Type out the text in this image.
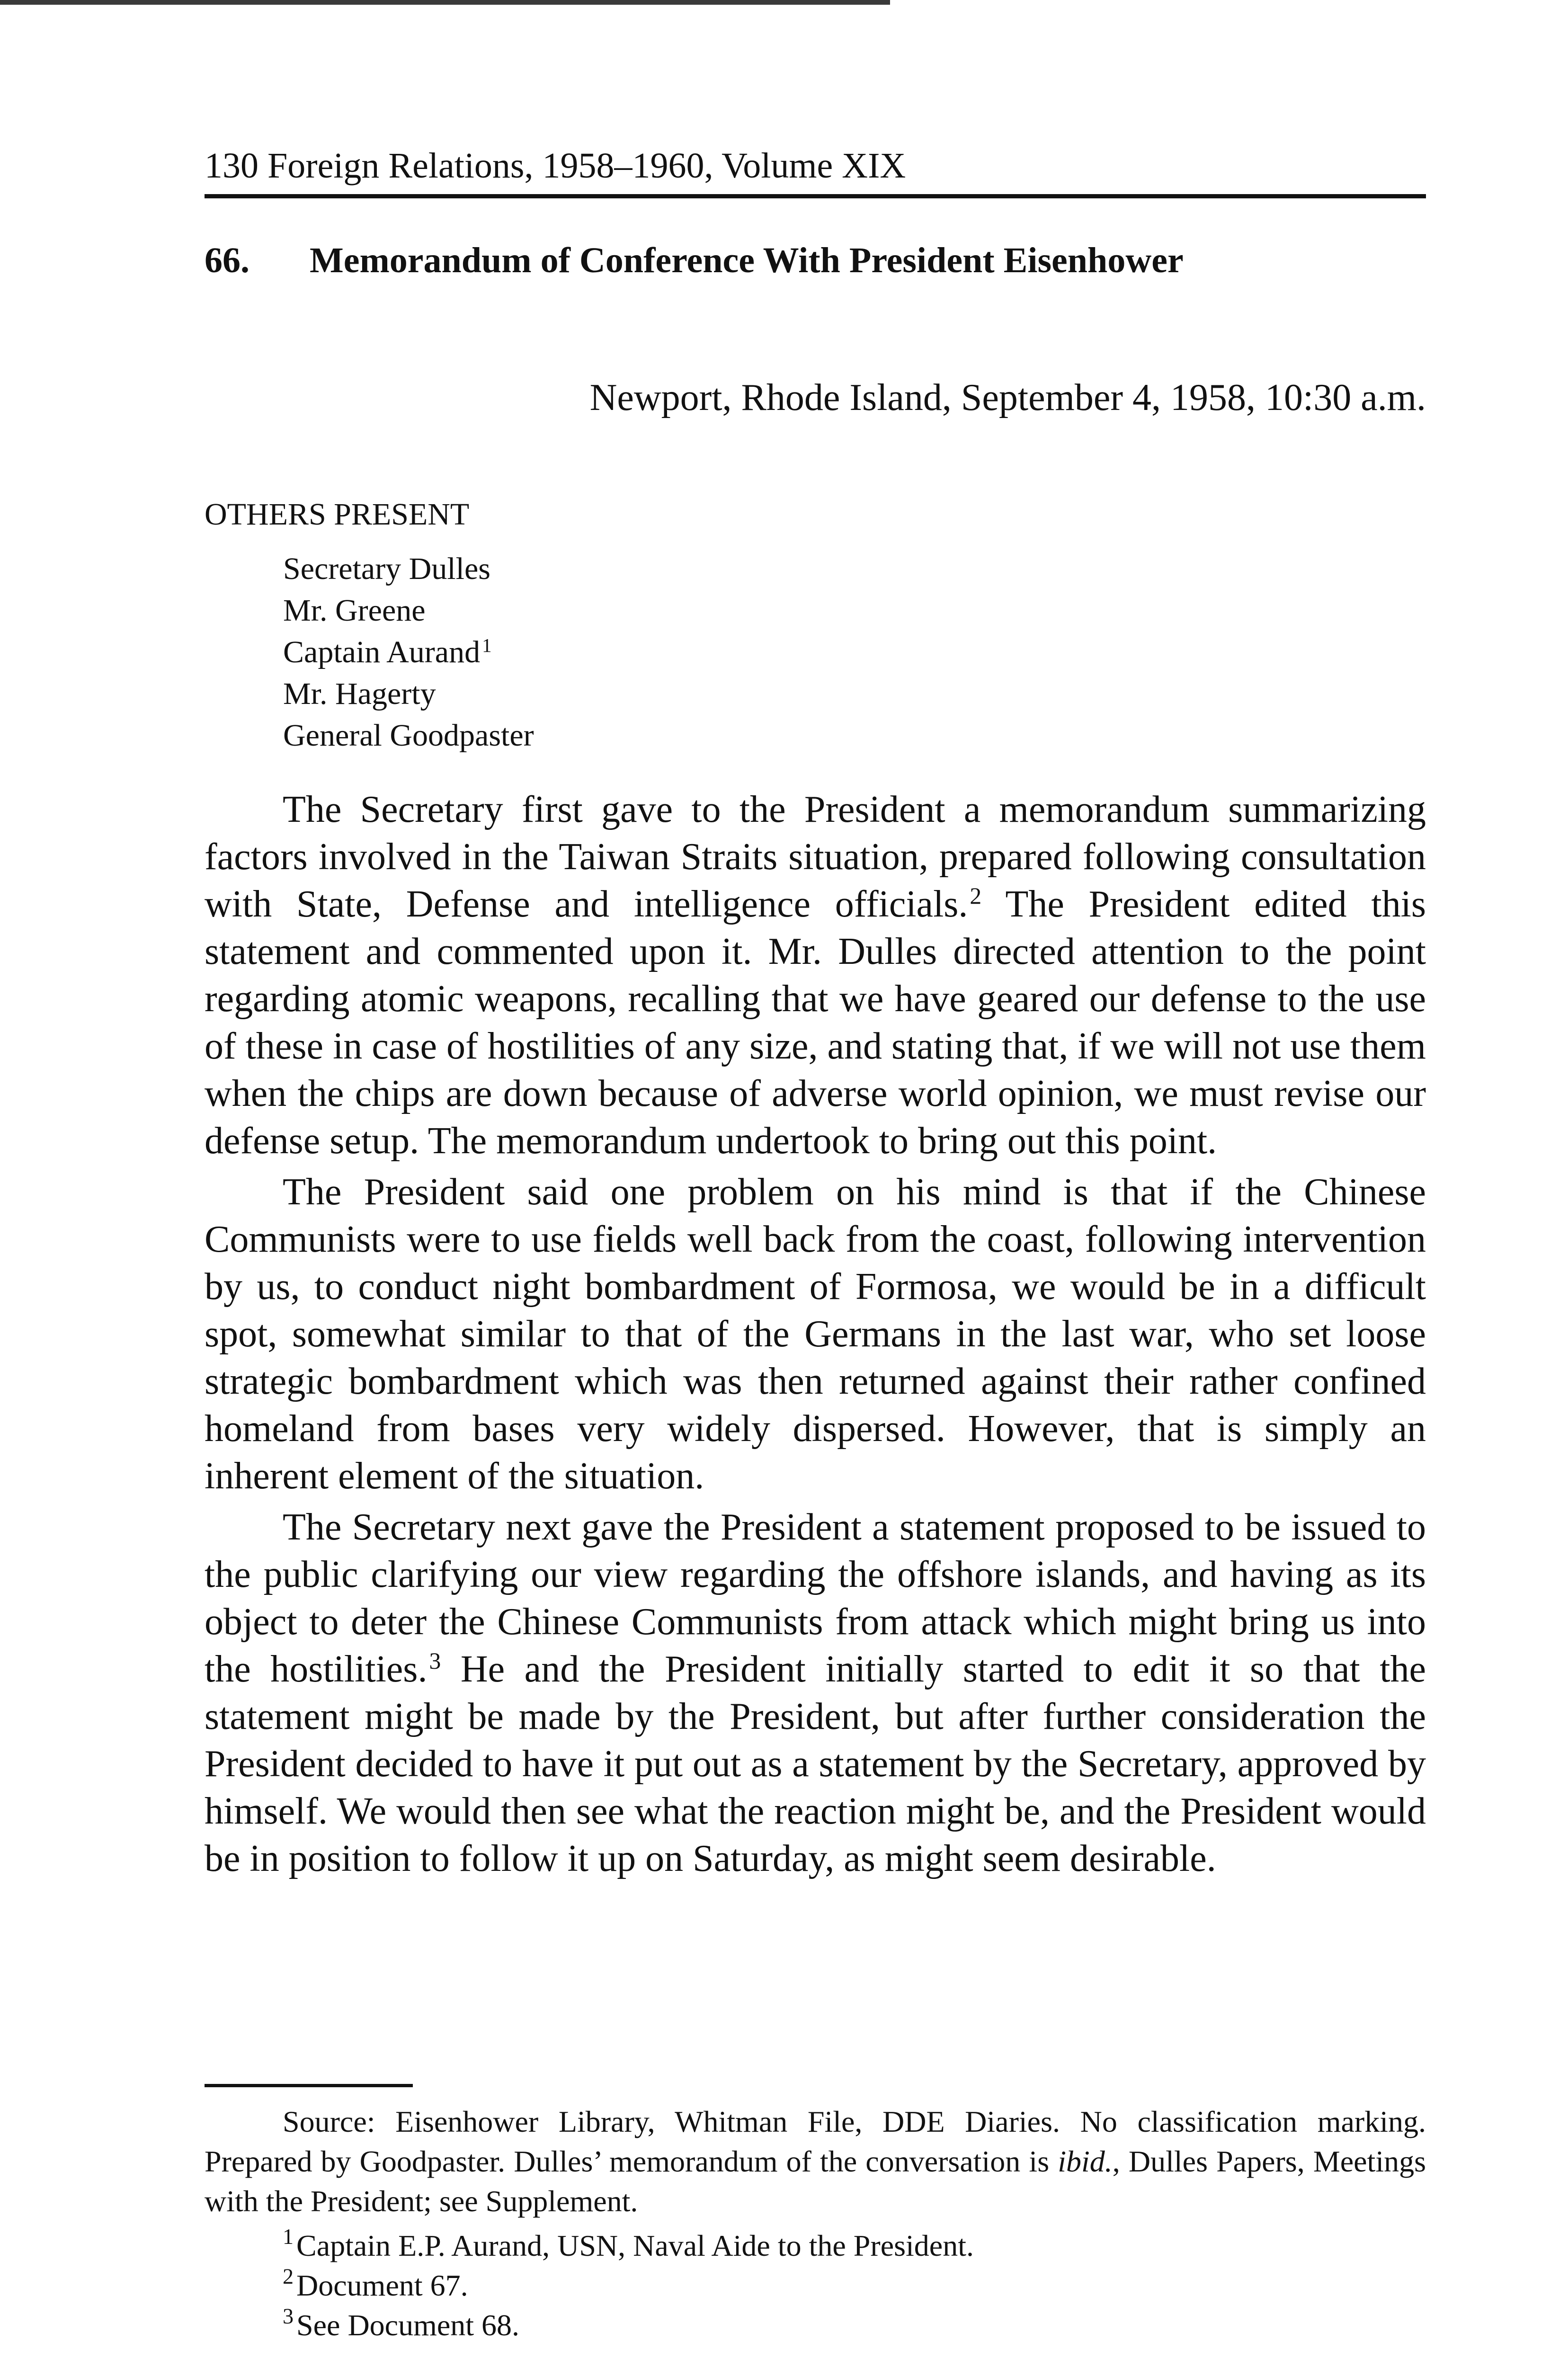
130 Foreign Relations, 1958–1960, Volume XIX
66. Memorandum of Conference With President Eisenhower
Newport, Rhode Island, September 4, 1958, 10:30 a.m.
OTHERS PRESENT
Secretary Dulles
Mr. Greene
Captain Aurand$^1$
Mr. Hagerty
General Goodpaster

The Secretary first gave to the President a memorandum summarizing factors involved in the Taiwan Straits situation, prepared following consultation with State, Defense and intelligence officials.$^2$ The President edited this statement and commented upon it. Mr. Dulles directed attention to the point regarding atomic weapons, recalling that we have geared our defense to the use of these in case of hostilities of any size, and stating that, if we will not use them when the chips are down because of adverse world opinion, we must revise our defense setup. The memorandum undertook to bring out this point.

The President said one problem on his mind is that if the Chinese Communists were to use fields well back from the coast, following intervention by us, to conduct night bombardment of Formosa, we would be in a difficult spot, somewhat similar to that of the Germans in the last war, who set loose strategic bombardment which was then returned against their rather confined homeland from bases very widely dispersed. However, that is simply an inherent element of the situation.

The Secretary next gave the President a statement proposed to be issued to the public clarifying our view regarding the offshore islands, and having as its object to deter the Chinese Communists from attack which might bring us into the hostilities.$^3$ He and the President initially started to edit it so that the statement might be made by the President, but after further consideration the President decided to have it put out as a statement by the Secretary, approved by himself. We would then see what the reaction might be, and the President would be in position to follow it up on Saturday, as might seem desirable.

Source: Eisenhower Library, Whitman File, DDE Diaries. No classification marking. Prepared by Goodpaster. Dulles’ memorandum of the conversation is ibid., Dulles Papers, Meetings with the President; see Supplement.

$^1$Captain E.P. Aurand, USN, Naval Aide to the President.
$^2$Document 67.
$^3$See Document 68.
